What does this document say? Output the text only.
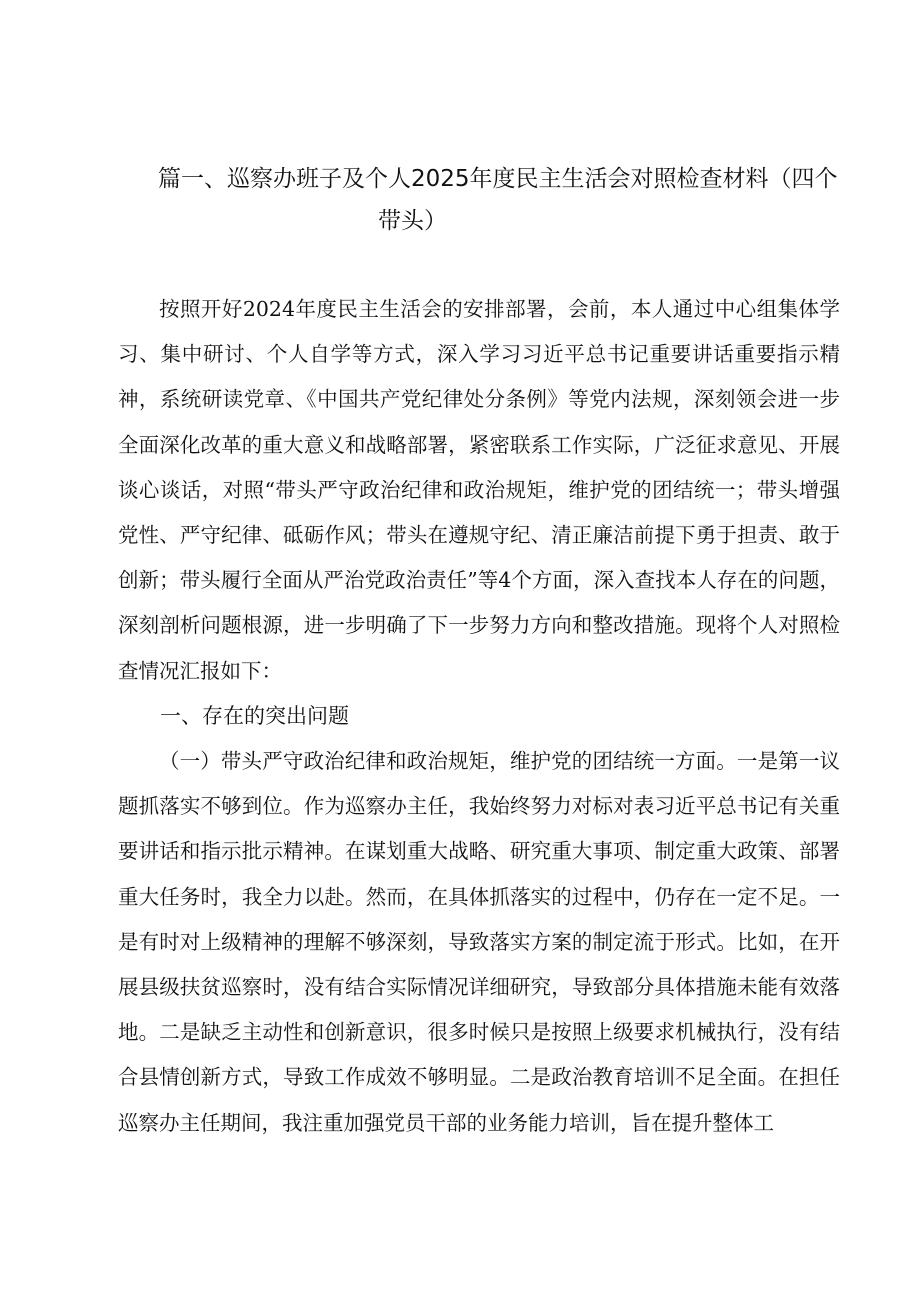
篇一、巡察办班子及个人2025年度民主生活会对照检查材料（四个
带头）

按照开好2024年度民主生活会的安排部署，会前，本人通过中心组集体学习、集中研讨、个人自学等方式，深入学习习近平总书记重要讲话重要指示精神，系统研读党章、《中国共产党纪律处分条例》等党内法规，深刻领会进一步全面深化改革的重大意义和战略部署，紧密联系工作实际，广泛征求意见、开展谈心谈话，对照“带头严守政治纪律和政治规矩，维护党的团结统一；带头增强党性、严守纪律、砥砺作风；带头在遵规守纪、清正廉洁前提下勇于担责、敢于创新；带头履行全面从严治党政治责任”等4个方面，深入查找本人存在的问题，深刻剖析问题根源，进一步明确了下一步努力方向和整改措施。现将个人对照检查情况汇报如下：

一、存在的突出问题

（一）带头严守政治纪律和政治规矩，维护党的团结统一方面。一是第一议题抓落实不够到位。作为巡察办主任，我始终努力对标对表习近平总书记有关重要讲话和指示批示精神。在谋划重大战略、研究重大事项、制定重大政策、部署重大任务时，我全力以赴。然而，在具体抓落实的过程中，仍存在一定不足。一是有时对上级精神的理解不够深刻，导致落实方案的制定流于形式。比如，在开展县级扶贫巡察时，没有结合实际情况详细研究，导致部分具体措施未能有效落地。二是缺乏主动性和创新意识，很多时候只是按照上级要求机械执行，没有结合县情创新方式，导致工作成效不够明显。二是政治教育培训不足全面。在担任巡察办主任期间，我注重加强党员干部的业务能力培训，旨在提升整体工
